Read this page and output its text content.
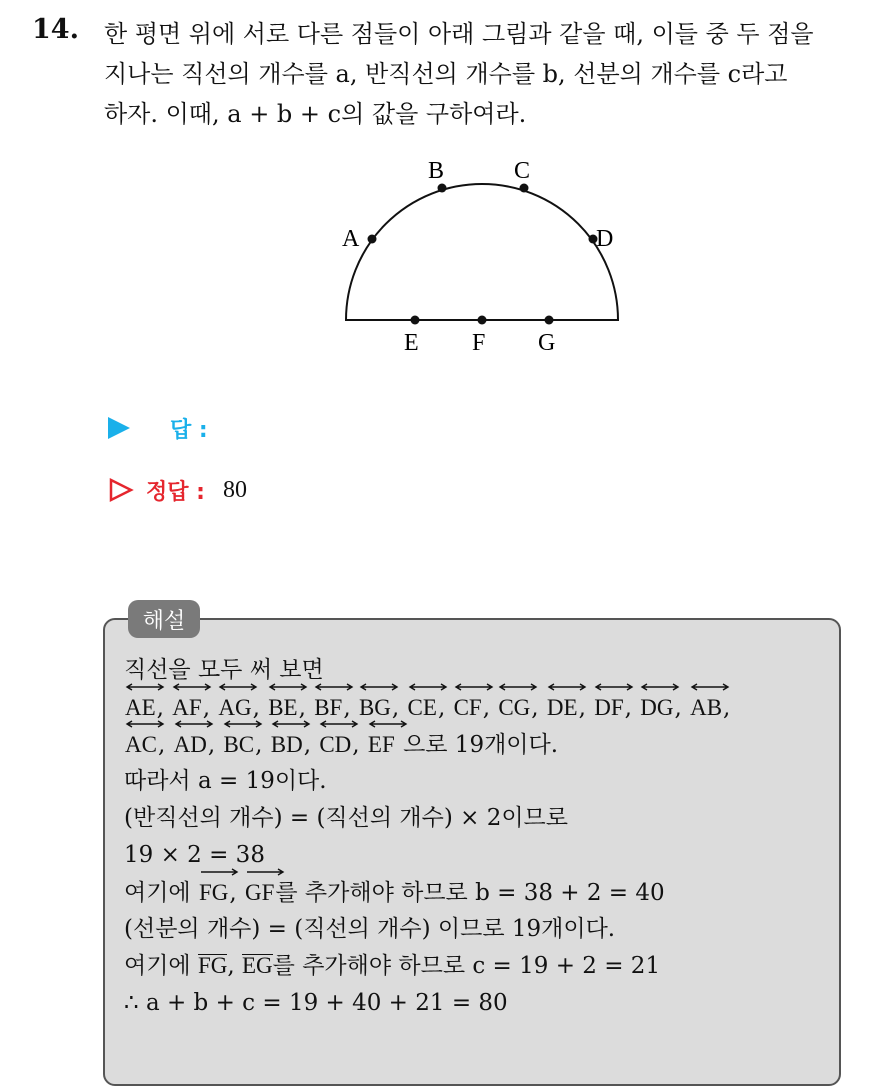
14. 한 평면 위에 서로 다른 점들이 아래 그림과 같을 때, 이들 중 두 점을
지나는 직선의 개수를 a, 반직선의 개수를 b, 선분의 개수를 c라고
하자. 이때, a + b + c의 값을 구하여라.
A
B	C
D
E F G
답 :
정답 : 80
해설
직선을 모두 써 보면
AE
, AF
, AG
, BE
, BF
, BG
, CE
, CF
, CG
, DE
, DF
, DG
, AB
,
AC
, AD
, BC
, BD
, CD
, EF 으로 19개이다.
따라서 a = 19이다.
(반직선의 개수) = (직선의 개수) × 2이므로
19 × 2 = 38
여기에 FG
, GF
를 추가해야 하므로 b = 38 + 2 = 40
(선분의 개수) = (직선의 개수) 이므로 19개이다.
여기에 FG, EG를 추가해야 하므로 c = 19 + 2 = 21
∴ a + b + c = 19 + 40 + 21 = 80
